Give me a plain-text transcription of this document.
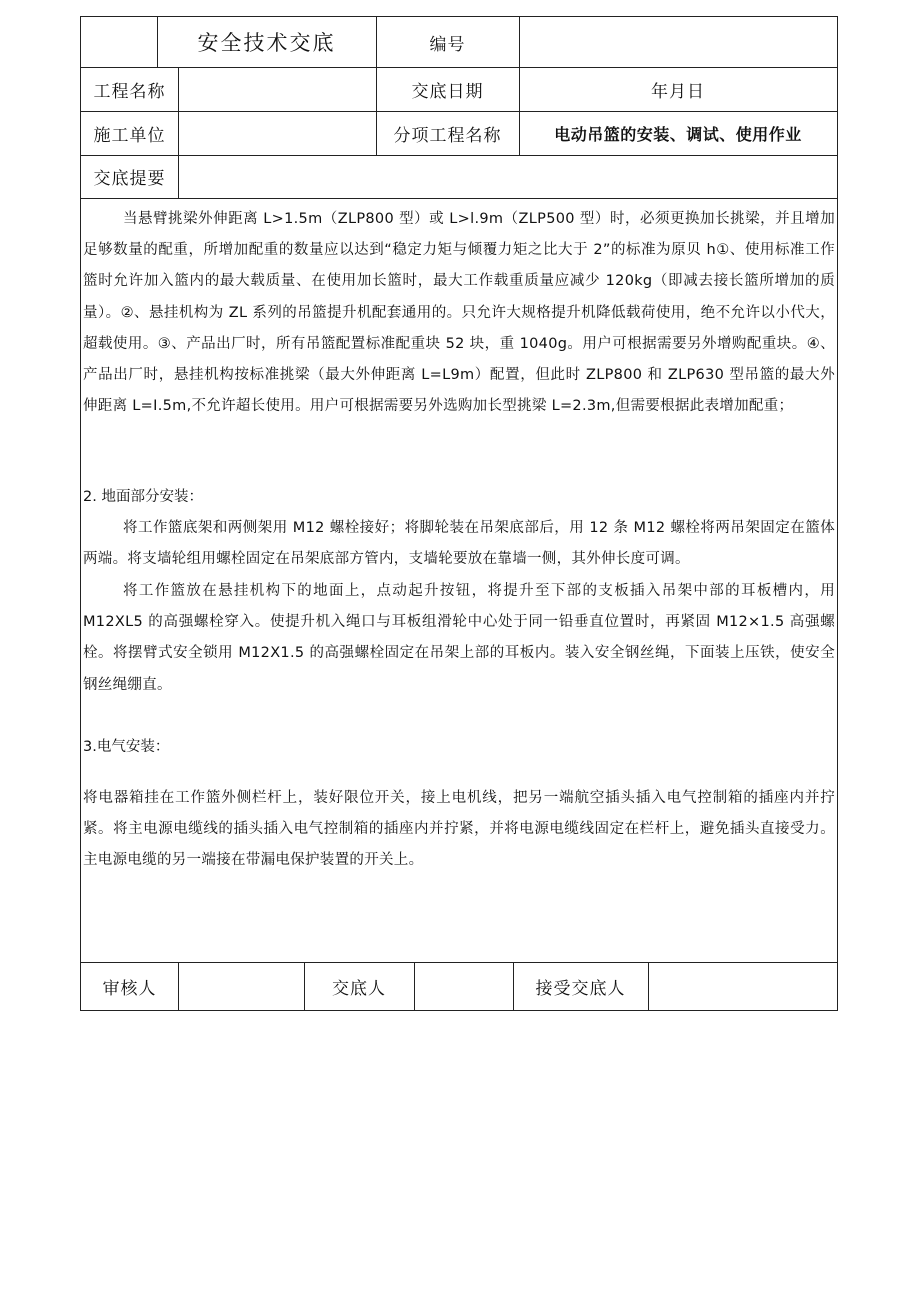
安全技术交底	编号
工程名称	交底日期	年月日
施工单位	分项工程名称	电动吊篮的安装、调试、使用作业
交底提要
当悬臂挑梁外伸距离 L>1.5m（ZLP800 型）或 L>l.9m（ZLP500 型）时，必须更换加长挑梁，并且增加足够数量的配重，所增加配重的数量应以达到“稳定力矩与倾覆力矩之比大于 2”的标准为原贝 h①、使用标准工作篮时允许加入篮内的最大载质量、在使用加长篮时，最大工作载重质量应减少 120kg（即减去接长篮所增加的质量）。②、悬挂机构为 ZL 系列的吊篮提升机配套通用的。只允许大规格提升机降低载荷使用，绝不允许以小代大，超载使用。③、产品出厂时，所有吊篮配置标准配重块 52 块，重 1040g。用户可根据需要另外增购配重块。④、产品出厂时，悬挂机构按标准挑梁（最大外伸距离 L=L9m）配置，但此时 ZLP800 和 ZLP630 型吊篮的最大外伸距离 L=I.5m,不允许超长使用。用户可根据需要另外选购加长型挑梁 L=2.3m,但需要根据此表增加配重；
2. 地面部分安装：
将工作篮底架和两侧架用 M12 螺栓接好；将脚轮装在吊架底部后，用 12 条 M12 螺栓将两吊架固定在篮体两端。将支墙轮组用螺栓固定在吊架底部方管内，支墙轮要放在靠墙一侧，其外伸长度可调。
将工作篮放在悬挂机构下的地面上，点动起升按钮，将提升至下部的支板插入吊架中部的耳板槽内，用 M12XL5 的高强螺栓穿入。使提升机入绳口与耳板组滑轮中心处于同一铅垂直位置时，再紧固 M12×1.5 高强螺栓。将摆臂式安全锁用 M12X1.5 的高强螺栓固定在吊架上部的耳板内。装入安全钢丝绳，下面装上压铁，使安全钢丝绳绷直。
3.电气安装：
将电器箱挂在工作篮外侧栏杆上，装好限位开关，接上电机线，把另一端航空插头插入电气控制箱的插座内并拧紧。将主电源电缆线的插头插入电气控制箱的插座内并拧紧，并将电源电缆线固定在栏杆上，避免插头直接受力。主电源电缆的另一端接在带漏电保护装置的开关上。
审核人	交底人	接受交底人
